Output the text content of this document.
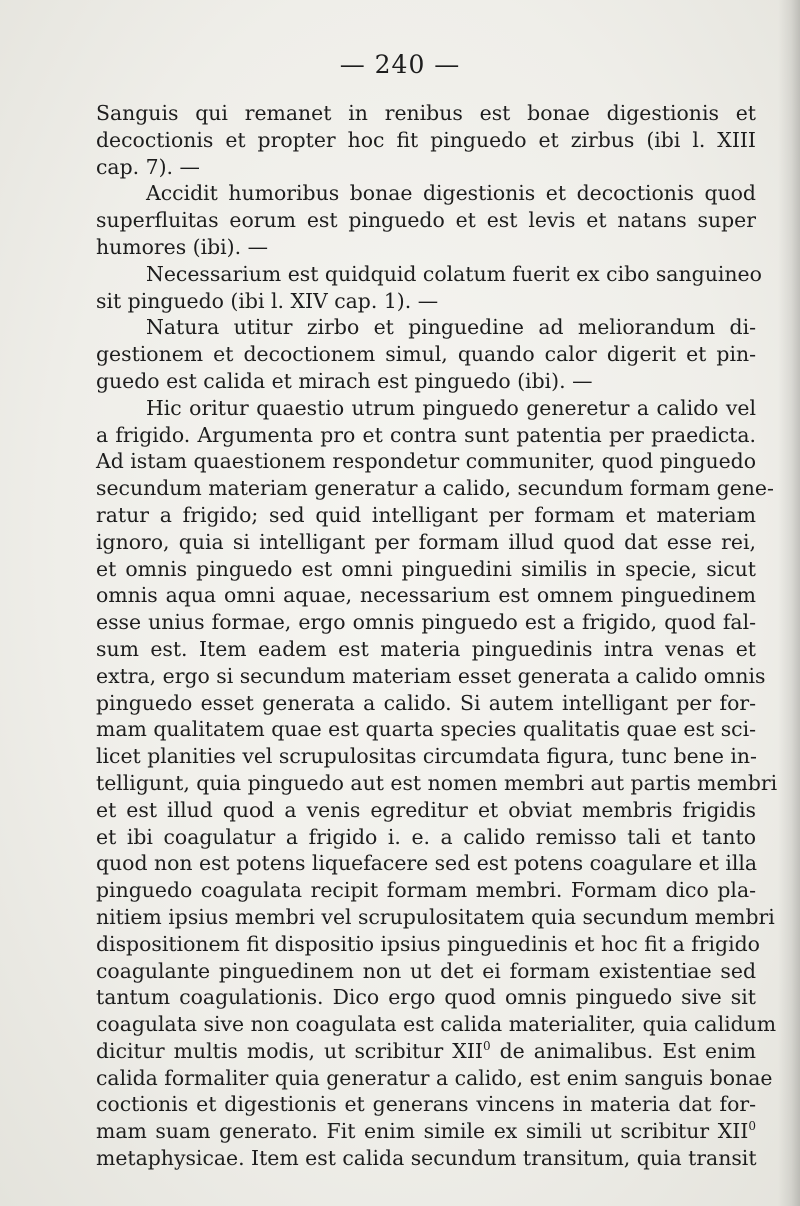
— 240 —
Sanguis qui remanet in renibus est bonae digestionis et
decoctionis et propter hoc fit pinguedo et zirbus (ibi l. XIII
cap. 7). —
Accidit humoribus bonae digestionis et decoctionis quod
superfluitas eorum est pinguedo et est levis et natans super
humores (ibi). —
Necessarium est quidquid colatum fuerit ex cibo sanguineo
sit pinguedo (ibi l. XIV cap. 1). —
Natura utitur zirbo et pinguedine ad meliorandum di-
gestionem et decoctionem simul, quando calor digerit et pin-
guedo est calida et mirach est pinguedo (ibi). —
Hic oritur quaestio utrum pinguedo generetur a calido vel
a frigido. Argumenta pro et contra sunt patentia per praedicta.
Ad istam quaestionem respondetur communiter, quod pinguedo
secundum materiam generatur a calido, secundum formam gene-
ratur a frigido; sed quid intelligant per formam et materiam
ignoro, quia si intelligant per formam illud quod dat esse rei,
et omnis pinguedo est omni pinguedini similis in specie, sicut
omnis aqua omni aquae, necessarium est omnem pinguedinem
esse unius formae, ergo omnis pinguedo est a frigido, quod fal-
sum est. Item eadem est materia pinguedinis intra venas et
extra, ergo si secundum materiam esset generata a calido omnis
pinguedo esset generata a calido. Si autem intelligant per for-
mam qualitatem quae est quarta species qualitatis quae est sci-
licet planities vel scrupulositas circumdata figura, tunc bene in-
telligunt, quia pinguedo aut est nomen membri aut partis membri
et est illud quod a venis egreditur et obviat membris frigidis
et ibi coagulatur a frigido i. e. a calido remisso tali et tanto
quod non est potens liquefacere sed est potens coagulare et illa
pinguedo coagulata recipit formam membri. Formam dico pla-
nitiem ipsius membri vel scrupulositatem quia secundum membri
dispositionem fit dispositio ipsius pinguedinis et hoc fit a frigido
coagulante pinguedinem non ut det ei formam existentiae sed
tantum coagulationis. Dico ergo quod omnis pinguedo sive sit
coagulata sive non coagulata est calida materialiter, quia calidum
dicitur multis modis, ut scribitur XII$^0$ de animalibus. Est enim
calida formaliter quia generatur a calido, est enim sanguis bonae
coctionis et digestionis et generans vincens in materia dat for-
mam suam generato. Fit enim simile ex simili ut scribitur XII$^0$
metaphysicae. Item est calida secundum transitum, quia transit
